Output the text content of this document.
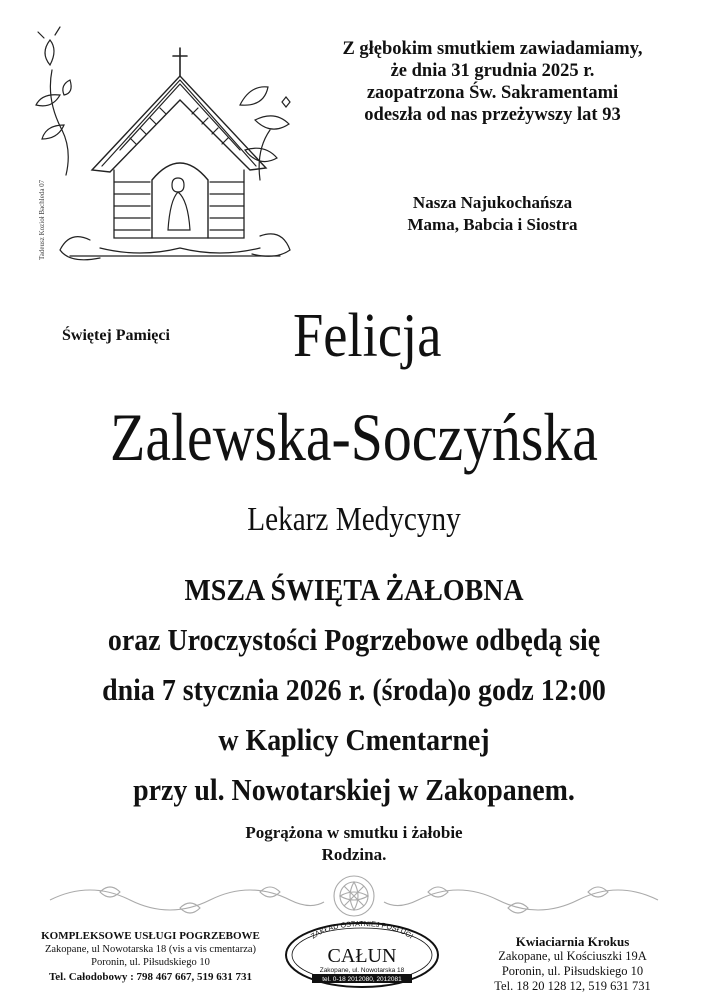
Tadeusz Kozioł Bachleda 07
Z głębokim smutkiem zawiadamiamy,
że dnia 31 grudnia 2025 r.
zaopatrzona Św. Sakramentami
odeszła od nas przeżywszy lat 93
Nasza Najukochańsza
Mama, Babcia i Siostra
Świętej Pamięci	Felicja
Zalewska-Soczyńska
Lekarz Medycyny
MSZA ŚWIĘTA ŻAŁOBNA
oraz Uroczystości Pogrzebowe odbędą się
dnia 7 stycznia 2026 r. (środa)o godz 12:00
w Kaplicy Cmentarnej
przy ul. Nowotarskiej w Zakopanem.
Pogrążona w smutku i żałobie
Rodzina.
KOMPLEKSOWE USŁUGI POGRZEBOWE
Zakopane, ul Nowotarska 18 (vis a vis cmentarza)
Poronin, ul. Piłsudskiego 10
Tel. Całodobowy : 798 467 667, 519 631 731
ZAKŁAD OSTATNIEJ POSŁUGI
CAŁUN
Zakopane, ul. Nowotarska 18
tel. 0-18 2012080, 2012081
Kwiaciarnia Krokus
Zakopane, ul Kościuszki 19A
Poronin, ul. Piłsudskiego 10
Tel. 18 20 128 12, 519 631 731
